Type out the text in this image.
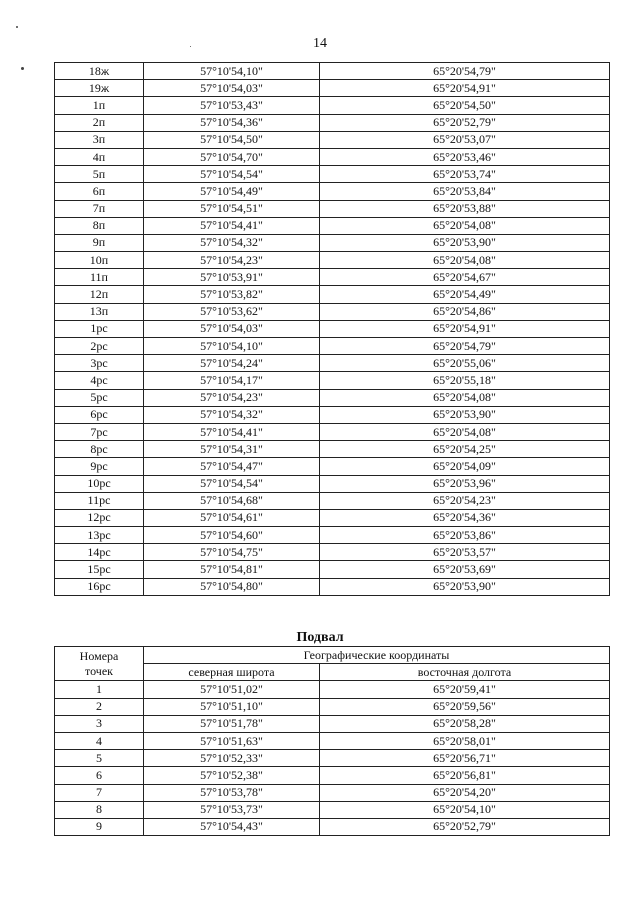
14
18ж	57°10'54,10"	65°20'54,79"
19ж	57°10'54,03"	65°20'54,91"
1п	57°10'53,43"	65°20'54,50"
2п	57°10'54,36"	65°20'52,79"
3п	57°10'54,50"	65°20'53,07"
4п	57°10'54,70"	65°20'53,46"
5п	57°10'54,54"	65°20'53,74"
6п	57°10'54,49"	65°20'53,84"
7п	57°10'54,51"	65°20'53,88"
8п	57°10'54,41"	65°20'54,08"
9п	57°10'54,32"	65°20'53,90"
10п	57°10'54,23"	65°20'54,08"
11п	57°10'53,91"	65°20'54,67"
12п	57°10'53,82"	65°20'54,49"
13п	57°10'53,62"	65°20'54,86"
1рс	57°10'54,03"	65°20'54,91"
2рс	57°10'54,10"	65°20'54,79"
3рс	57°10'54,24"	65°20'55,06"
4рс	57°10'54,17"	65°20'55,18"
5рс	57°10'54,23"	65°20'54,08"
6рс	57°10'54,32"	65°20'53,90"
7рс	57°10'54,41"	65°20'54,08"
8рс	57°10'54,31"	65°20'54,25"
9рс	57°10'54,47"	65°20'54,09"
10рс	57°10'54,54"	65°20'53,96"
11рс	57°10'54,68"	65°20'54,23"
12рс	57°10'54,61"	65°20'54,36"
13рс	57°10'54,60"	65°20'53,86"
14рс	57°10'54,75"	65°20'53,57"
15рс	57°10'54,81"	65°20'53,69"
16рс	57°10'54,80"	65°20'53,90"
Подвал
Номера
точек	Географические координаты	
	северная широта	восточная долгота
1	57°10'51,02"	65°20'59,41"
2	57°10'51,10"	65°20'59,56"
3	57°10'51,78"	65°20'58,28"
4	57°10'51,63"	65°20'58,01"
5	57°10'52,33"	65°20'56,71"
6	57°10'52,38"	65°20'56,81"
7	57°10'53,78"	65°20'54,20"
8	57°10'53,73"	65°20'54,10"
9	57°10'54,43"	65°20'52,79"
